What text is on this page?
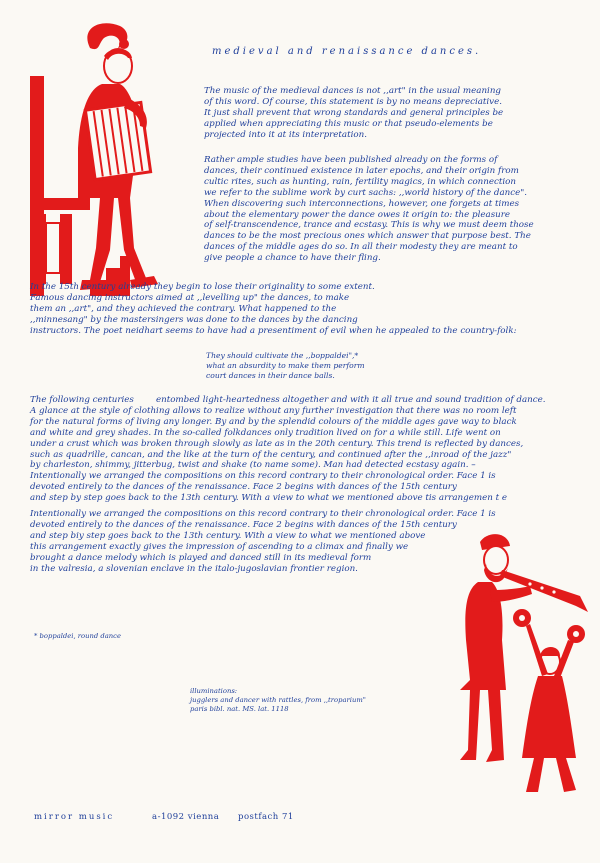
medieval and renaissance dances.

The music of the medieval dances is not ,,art" in the usual meaning
of this word. Of course, this statement is by no means depreciative.
It just shall prevent that wrong standards and general principles be
applied when appreciating this music or that pseudo-elements be
projected into it at its interpretation.

Rather ample studies have been published already on the forms of
dances, their continued existence in later epochs, and their origin from
cultic rites, such as hunting, rain, fertility magics, in which connection
we refer to the sublime work by curt sachs: ,,world history of the dance".
When discovering such interconnections, however, one forgets at times
about the elementary power the dance owes it origin to: the pleasure
of self-transcendence, trance and ecstasy. This is why we must deem those
dances to be the most precious ones which answer that purpose best. The
dances of the middle ages do so. In all their modesty they are meant to
give people a chance to have their fling.

In the 15th century already they begin to lose their originality to some extent.
Famous dancing instructors aimed at ,,levelling up" the dances, to make
them an ,,art", and they achieved the contrary. What happened to the
,,minnesang" by the mastersingers was done to the dances by the dancing
instructors. The poet neidhart seems to have had a presentiment of evil when he appealed to the country-folk:

They should cultivate the ,,boppaldei",*
what an absurdity to make them perform
court dances in their dance balls.

The following centuries        entombed light-heartedness altogether and with it all true and sound tradition of dance.
A glance at the style of clothing allows to realize without any further investigation that there was no room left
for the natural forms of living any longer. By and by the splendid colours of the middle ages gave way to black
and white and grey shades. In the so-called folkdances only tradition lived on for a while still. Life went on
under a crust which was broken through slowly as late as in the 20th century. This trend is reflected by dances,
such as quadrille, cancan, and the like at the turn of the century, and continued after the ,,inroad of the jazz"
by charleston, shimmy, jitterbug, twist and shake (to name some). Man had detected ecstasy again. –
Intentionally we arranged the compositions on this record contrary to their chronological order. Face 1 is
devoted entirely to the dances of the renaissance. Face 2 begins with dances of the 15th century
and step by step goes back to the 13th century. With a view to what we mentioned above tis arrangemen t e

Intentionally we arranged the compositions on this record contrary to their chronological order. Face 1 is
devoted entirely to the dances of the renaissance. Face 2 begins with dances of the 15th century
and step biy step goes back to the 13th century. With a view to what we mentioned above
this arrangement exactly gives the impression of ascending to a climax and finally we
brought a dance melody which is played and danced still in its medieval form
in the valresia, a slovenian enclave in the italo-jugoslavian frontier region.

* boppaldei, round dance

illuminations:
jugglers and dancer with rattles, from ,,troparium"
paris bibl. nat. MS. lat. 1118

mirror music	a-1092 vienna postfach 71
